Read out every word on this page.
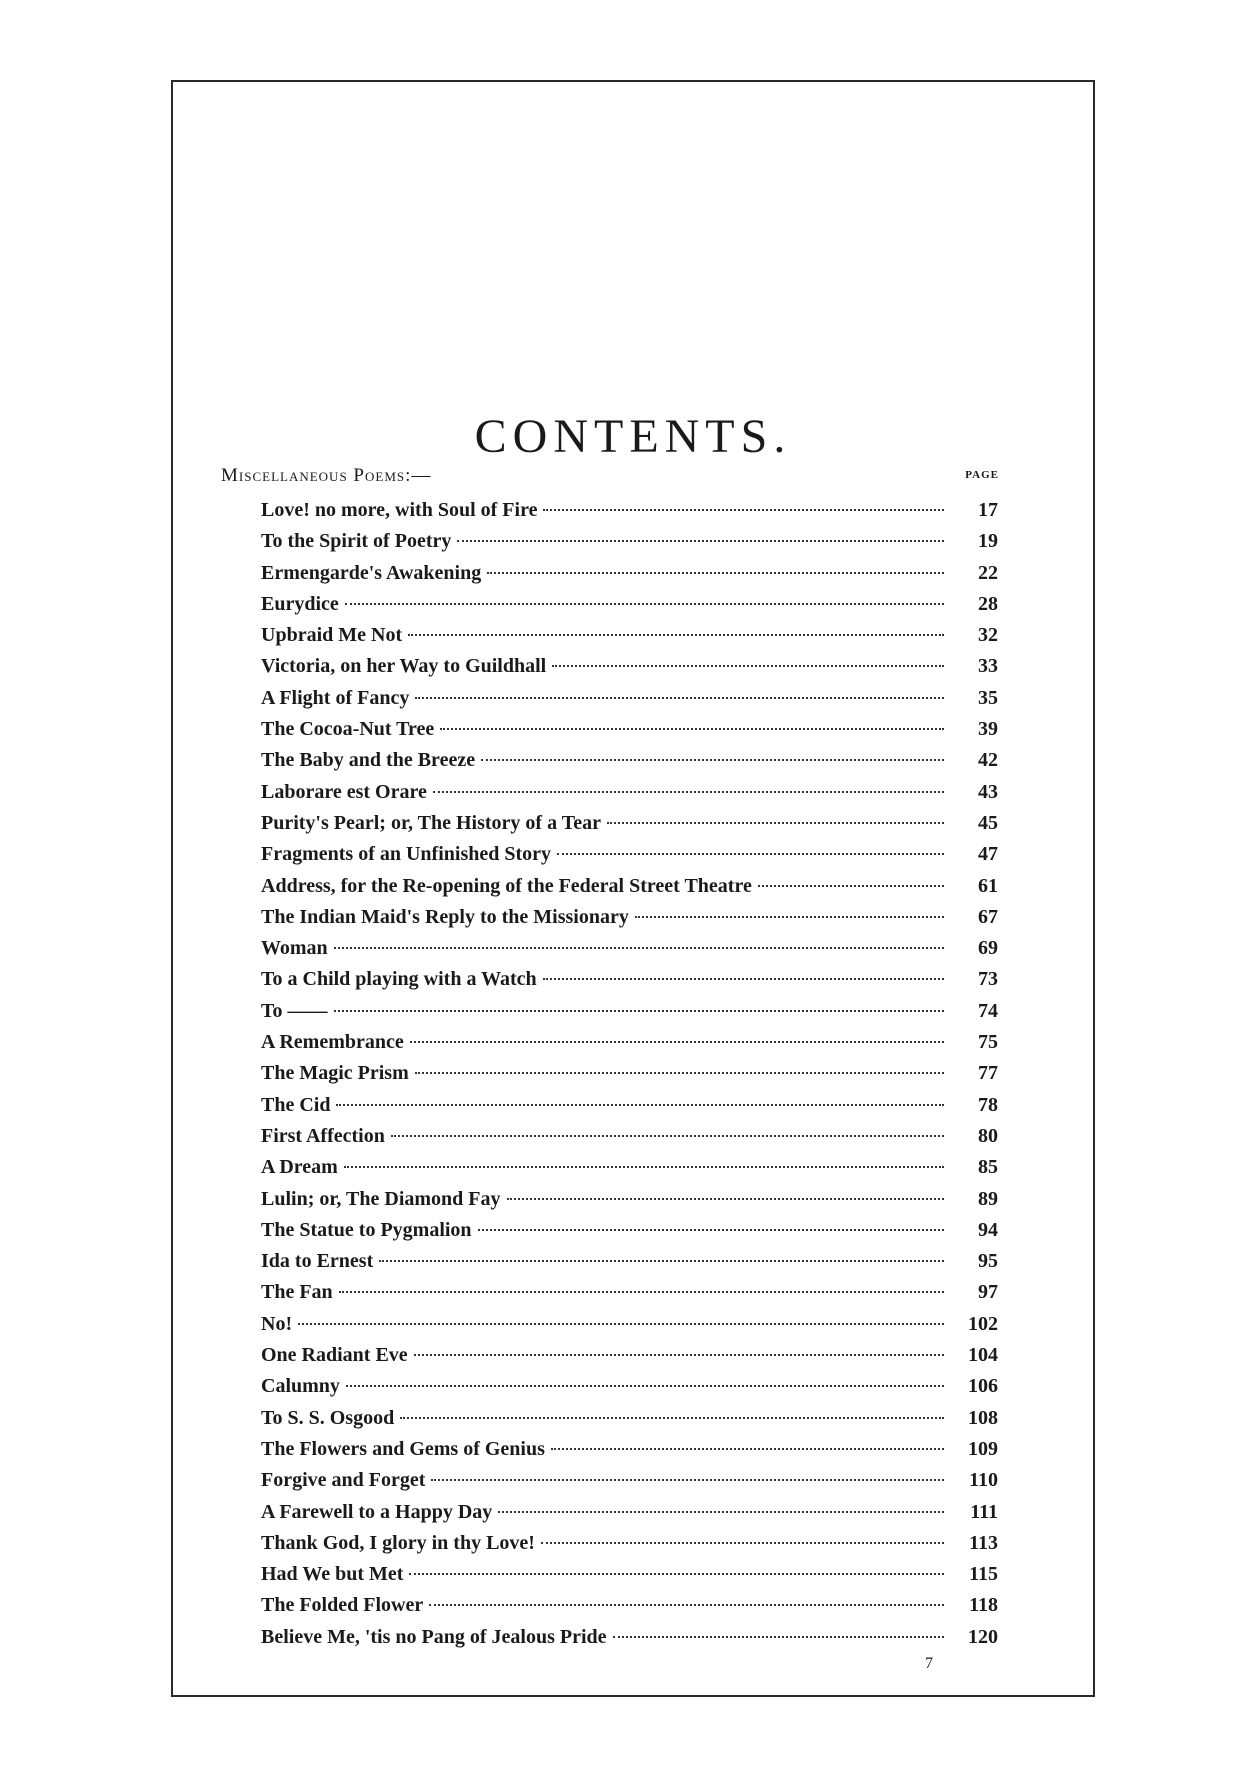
CONTENTS.
Miscellaneous Poems:—	PAGE
Love! no more, with Soul of Fire	17
To the Spirit of Poetry	19
Ermengarde's Awakening	22
Eurydice	28
Upbraid Me Not	32
Victoria, on her Way to Guildhall	33
A Flight of Fancy	35
The Cocoa-Nut Tree	39
The Baby and the Breeze	42
Laborare est Orare	43
Purity's Pearl; or, The History of a Tear	45
Fragments of an Unfinished Story	47
Address, for the Re-opening of the Federal Street Theatre	61
The Indian Maid's Reply to the Missionary	67
Woman	69
To a Child playing with a Watch	73
To ——	74
A Remembrance	75
The Magic Prism	77
The Cid	78
First Affection	80
A Dream	85
Lulin; or, The Diamond Fay	89
The Statue to Pygmalion	94
Ida to Ernest	95
The Fan	97
No!	102
One Radiant Eve	104
Calumny	106
To S. S. Osgood	108
The Flowers and Gems of Genius	109
Forgive and Forget	110
A Farewell to a Happy Day	111
Thank God, I glory in thy Love!	113
Had We but Met	115
The Folded Flower	118
Believe Me, 'tis no Pang of Jealous Pride	120
7
